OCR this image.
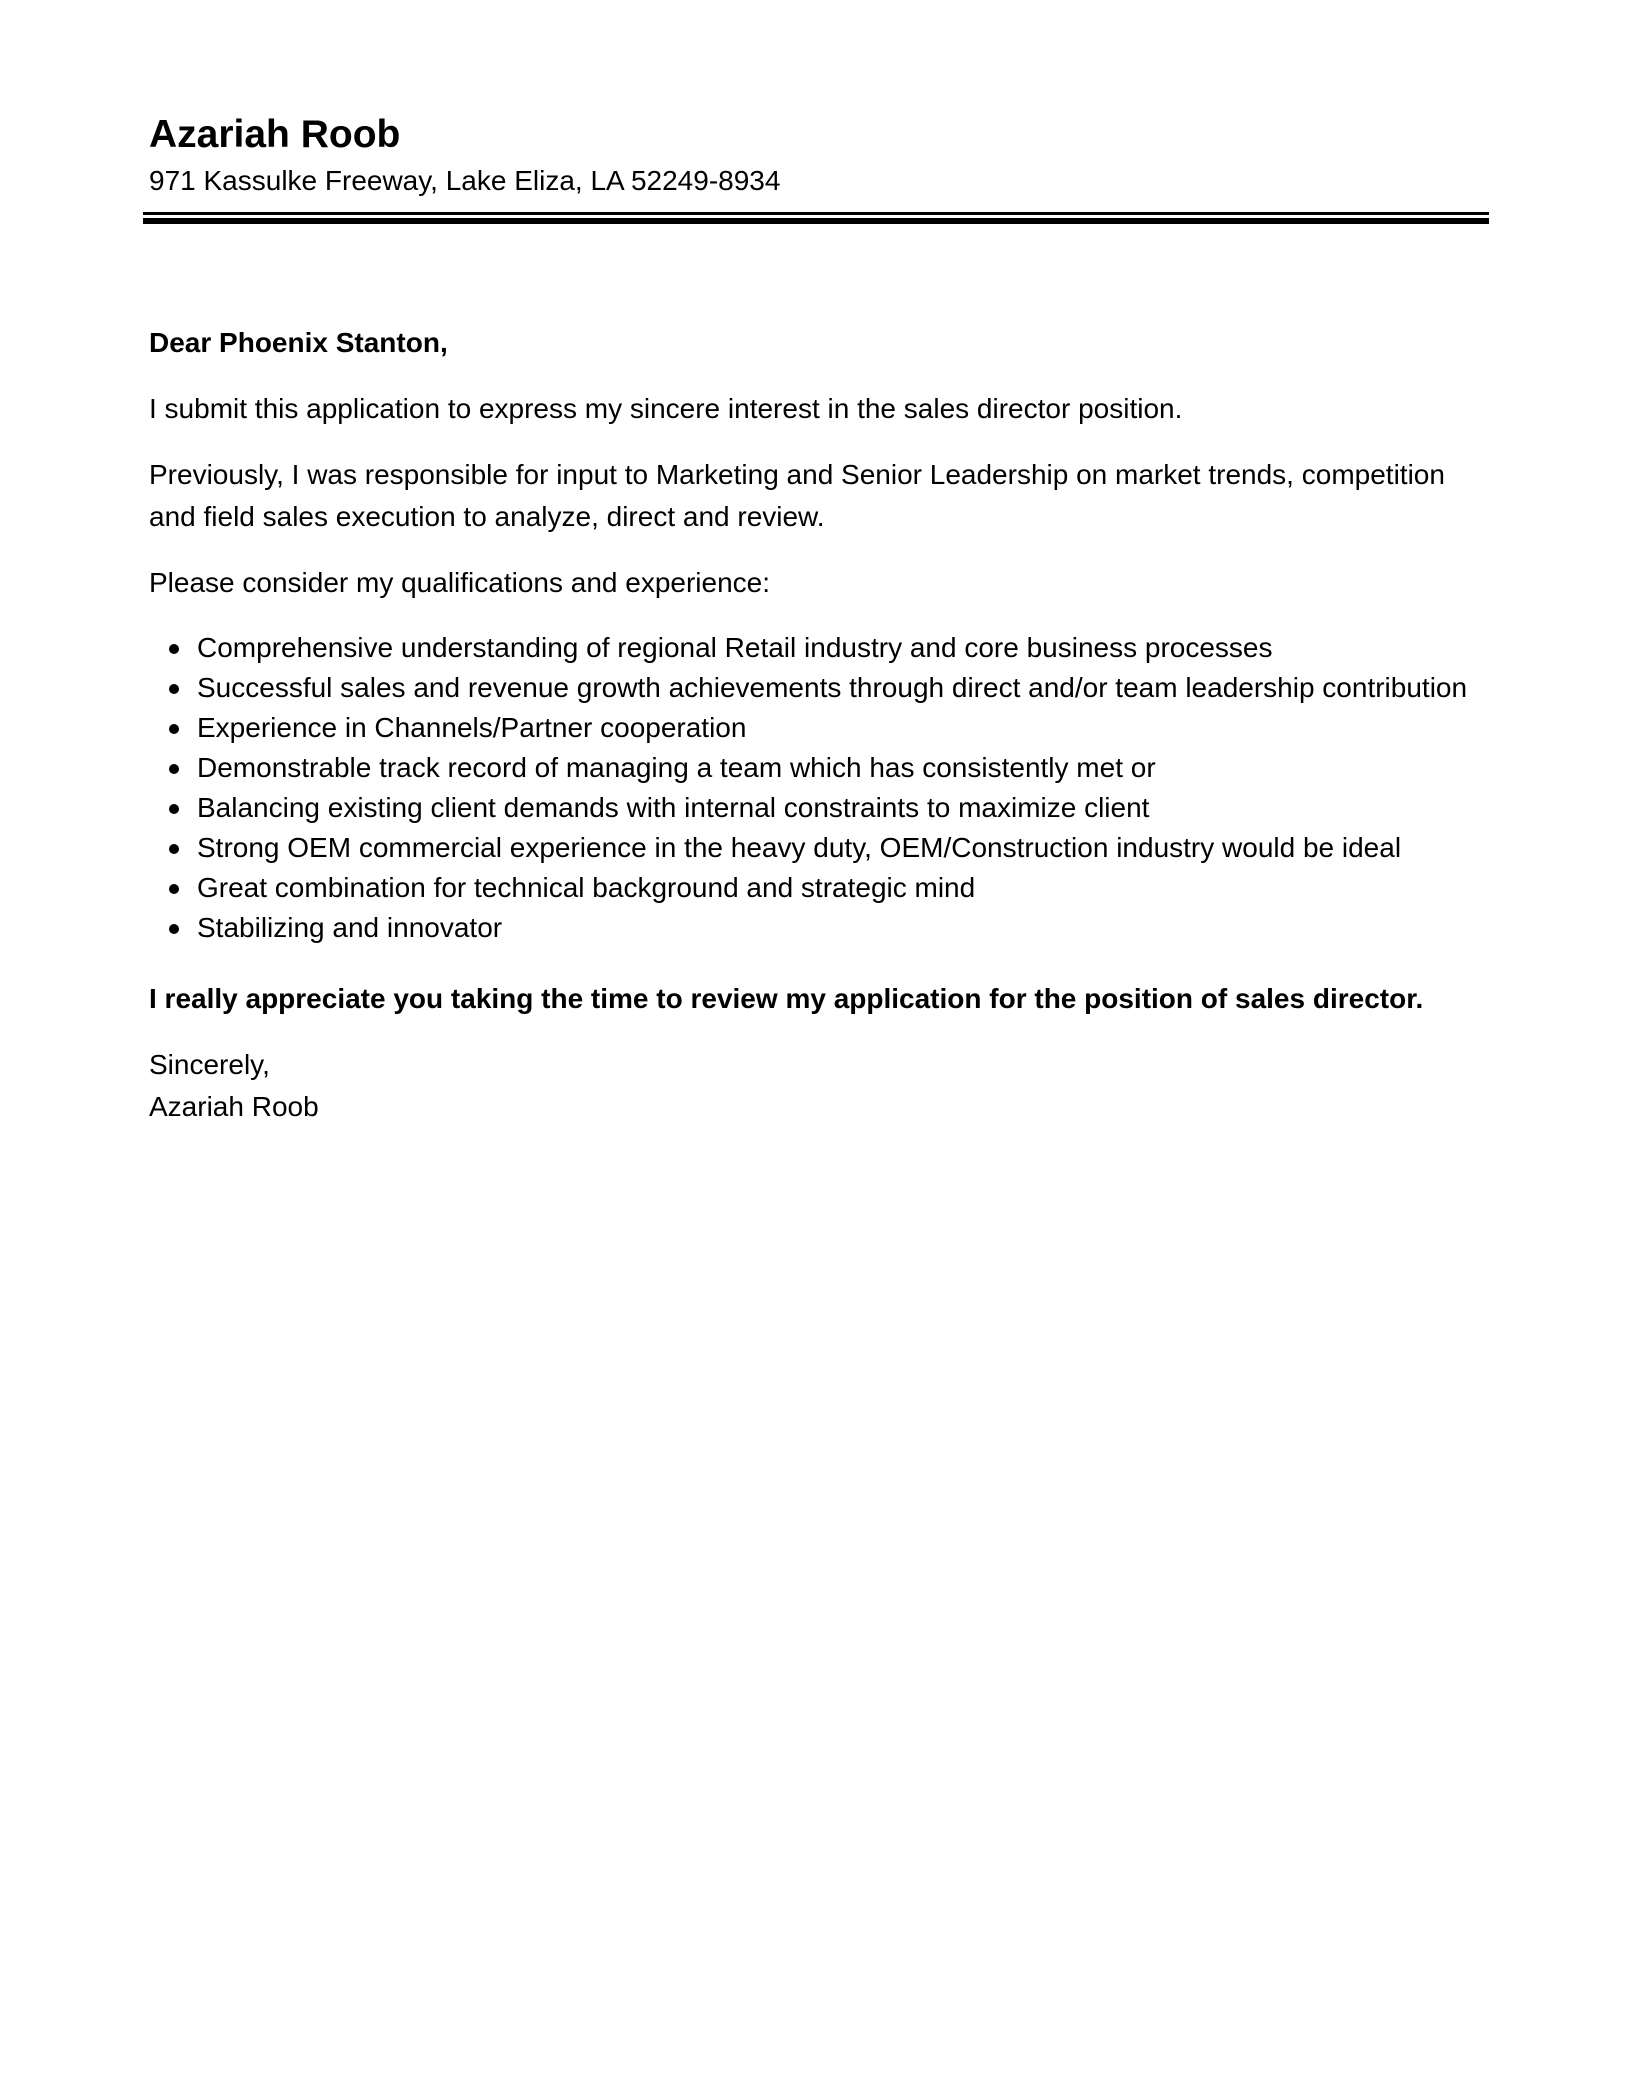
Azariah Roob

971 Kassulke Freeway, Lake Eliza, LA 52249-8934

Dear Phoenix Stanton,

I submit this application to express my sincere interest in the sales director position.

Previously, I was responsible for input to Marketing and Senior Leadership on market trends, competition and field sales execution to analyze, direct and review.

Please consider my qualifications and experience:

Comprehensive understanding of regional Retail industry and core business processes
Successful sales and revenue growth achievements through direct and/or team leadership contribution
Experience in Channels/Partner cooperation
Demonstrable track record of managing a team which has consistently met or
Balancing existing client demands with internal constraints to maximize client
Strong OEM commercial experience in the heavy duty, OEM/Construction industry would be ideal
Great combination for technical background and strategic mind
Stabilizing and innovator

I really appreciate you taking the time to review my application for the position of sales director.

Sincerely,

Azariah Roob
